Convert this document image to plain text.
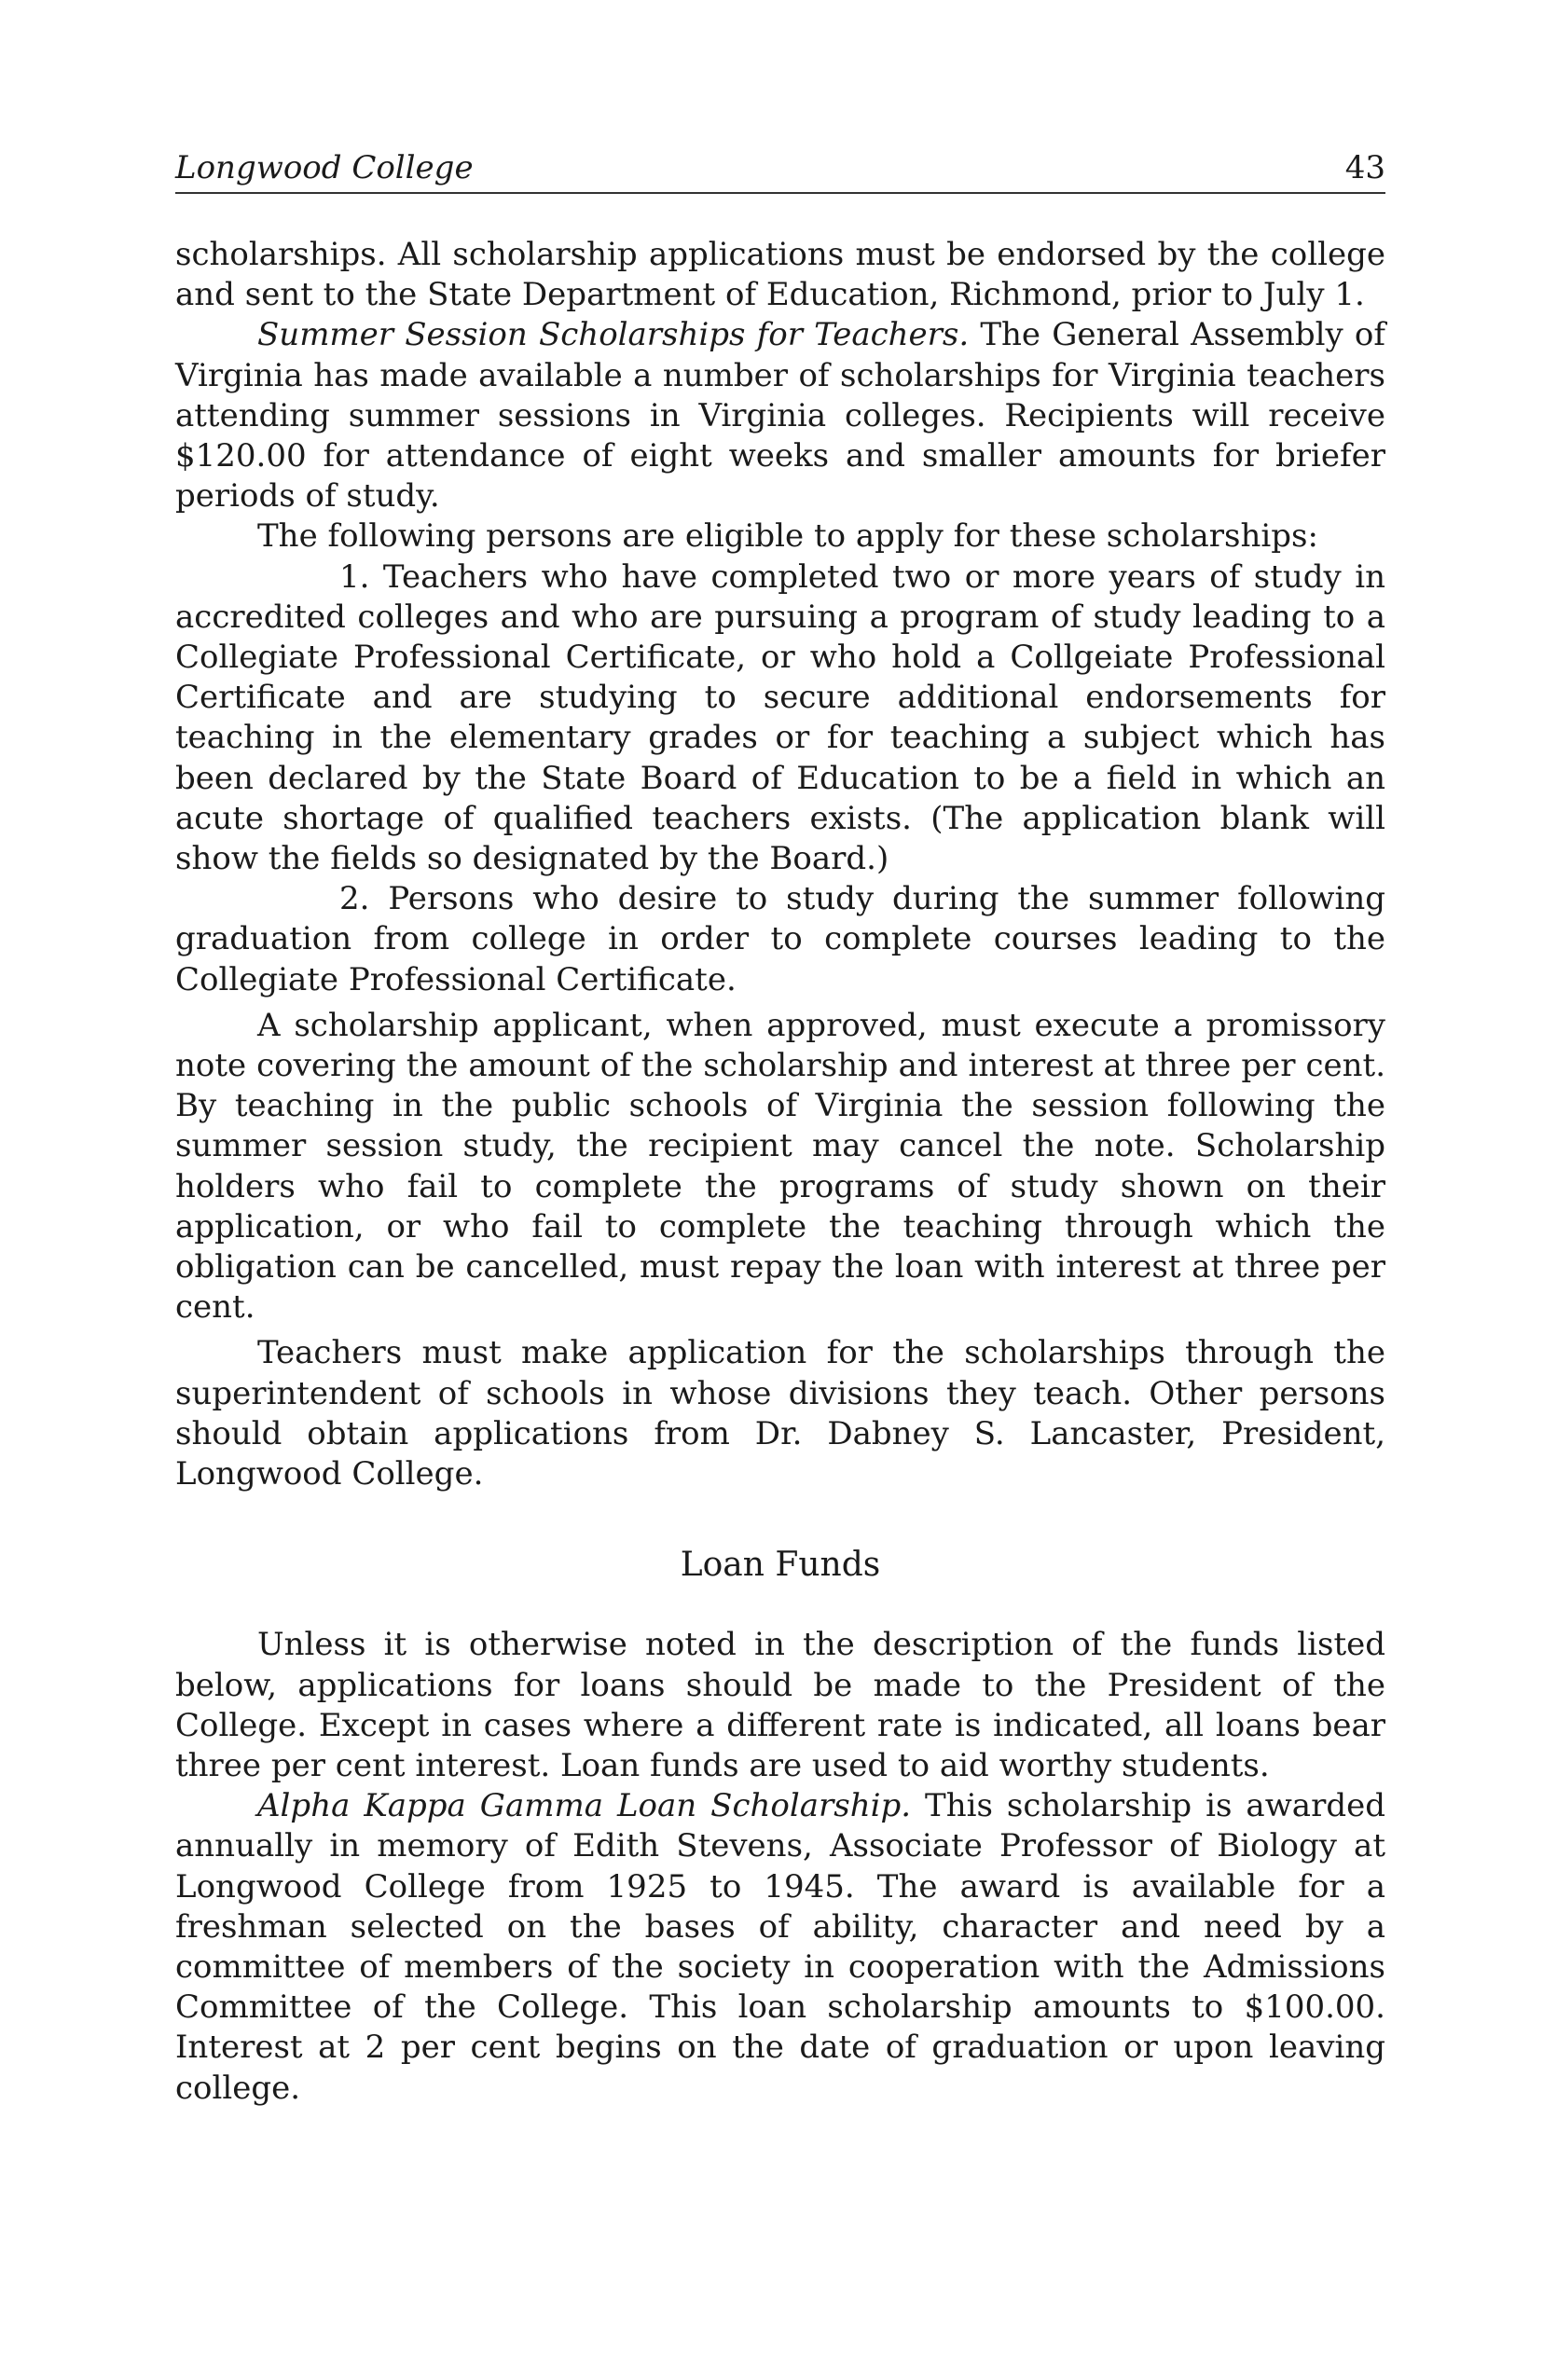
Longwood College	43

scholarships. All scholarship applications must be endorsed by the college and sent to the State Department of Education, Richmond, prior to July 1.

Summer Session Scholarships for Teachers. The General Assembly of Virginia has made available a number of scholarships for Virginia teachers attending summer sessions in Virginia colleges. Recipients will receive $120.00 for attendance of eight weeks and smaller amounts for briefer periods of study.

The following persons are eligible to apply for these scholarships:

1. Teachers who have completed two or more years of study in accredited colleges and who are pursuing a program of study leading to a Collegiate Professional Certificate, or who hold a Collgeiate Professional Certificate and are studying to secure additional endorsements for teaching in the elementary grades or for teaching a subject which has been declared by the State Board of Education to be a field in which an acute shortage of qualified teachers exists. (The application blank will show the fields so designated by the Board.)

2. Persons who desire to study during the summer following graduation from college in order to complete courses leading to the Collegiate Professional Certificate.

A scholarship applicant, when approved, must execute a promissory note covering the amount of the scholarship and interest at three per cent. By teaching in the public schools of Virginia the session following the summer session study, the recipient may cancel the note. Scholarship holders who fail to complete the programs of study shown on their application, or who fail to complete the teaching through which the obligation can be cancelled, must repay the loan with interest at three per cent.

Teachers must make application for the scholarships through the superintendent of schools in whose divisions they teach. Other persons should obtain applications from Dr. Dabney S. Lancaster, President, Longwood College.

Loan Funds

Unless it is otherwise noted in the description of the funds listed below, applications for loans should be made to the President of the College. Except in cases where a different rate is indicated, all loans bear three per cent interest. Loan funds are used to aid worthy students.

Alpha Kappa Gamma Loan Scholarship. This scholarship is awarded annually in memory of Edith Stevens, Associate Professor of Biology at Longwood College from 1925 to 1945. The award is available for a freshman selected on the bases of ability, character and need by a committee of members of the society in cooperation with the Admissions Committee of the College. This loan scholarship amounts to $100.00. Interest at 2 per cent begins on the date of graduation or upon leaving college.
